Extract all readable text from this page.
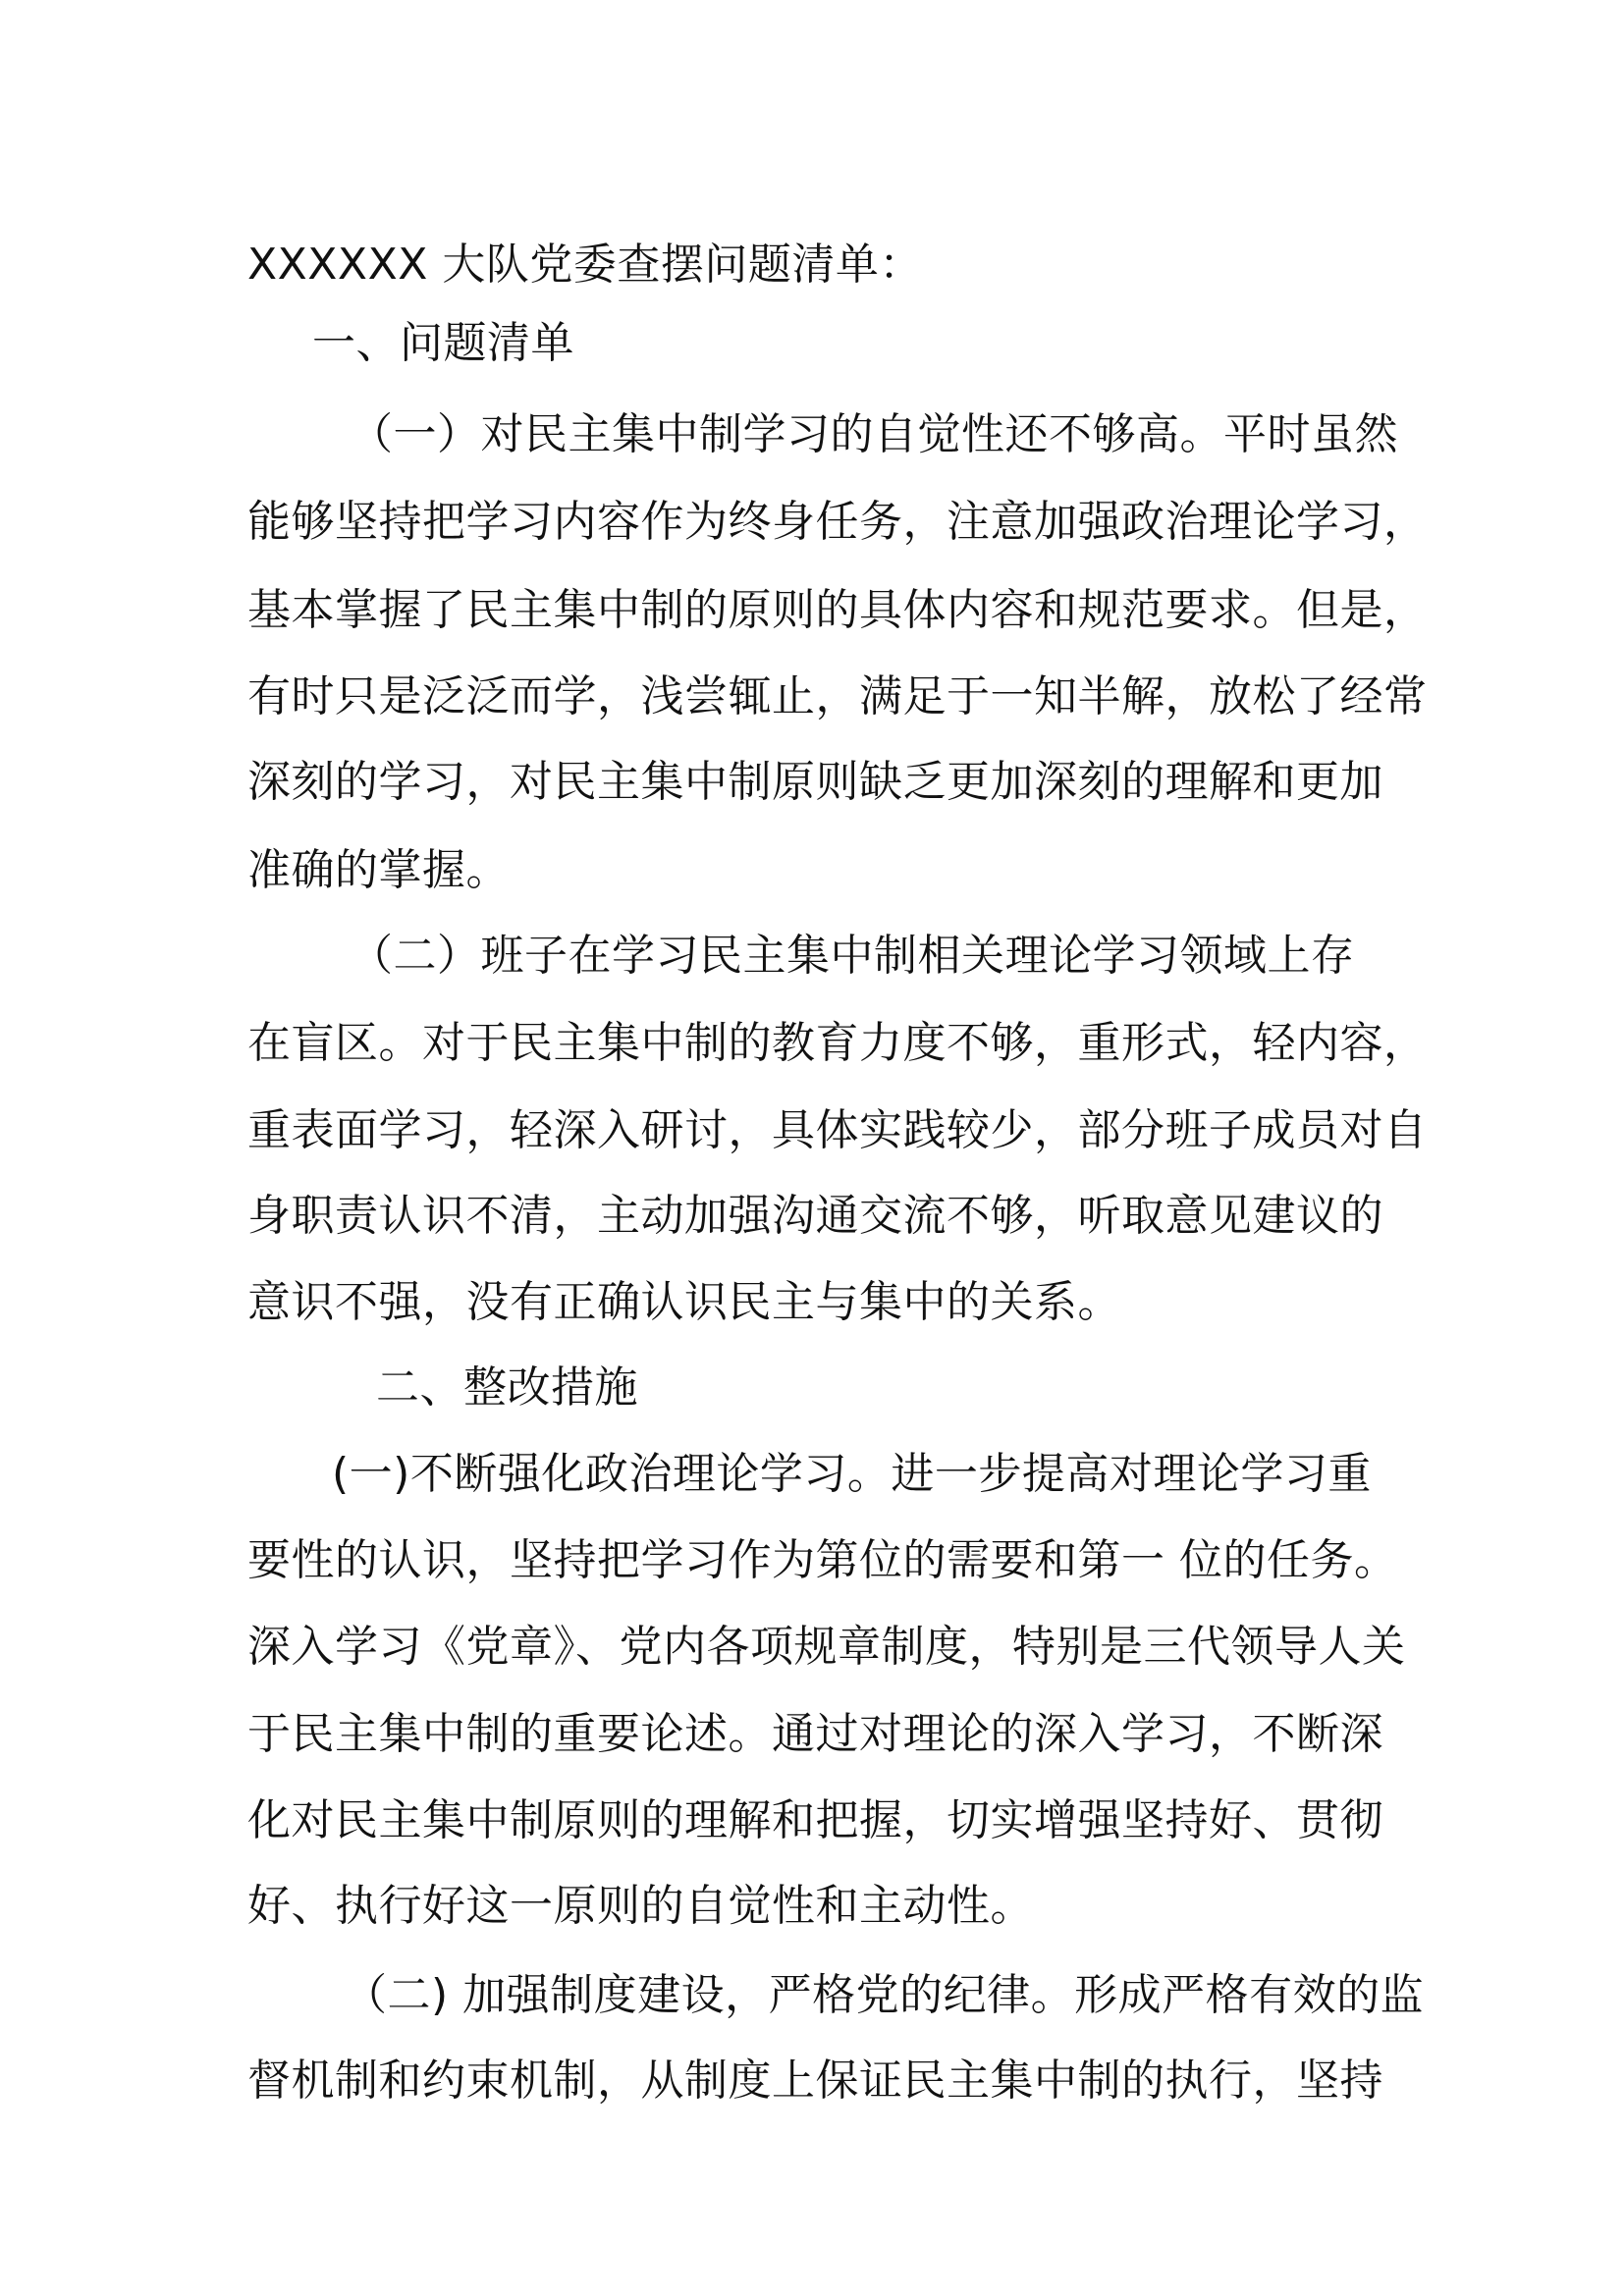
XXXXXX 大队党委查摆问题清单：
一、问题清单
（一）对民主集中制学习的自觉性还不够高。平时虽然
能够坚持把学习内容作为终身任务，注意加强政治理论学习，
基本掌握了民主集中制的原则的具体内容和规范要求。但是，
有时只是泛泛而学，浅尝辄止，满足于一知半解，放松了经常
深刻的学习，对民主集中制原则缺乏更加深刻的理解和更加
准确的掌握。
（二）班子在学习民主集中制相关理论学习领域上存
在盲区。对于民主集中制的教育力度不够，重形式，轻内容，
重表面学习，轻深入研讨，具体实践较少，部分班子成员对自
身职责认识不清，主动加强沟通交流不够，听取意见建议的
意识不强，没有正确认识民主与集中的关系。
二、整改措施
(一)不断强化政治理论学习。进一步提高对理论学习重
要性的认识，坚持把学习作为第位的需要和第一 位的任务。
深入学习《党章》、党内各项规章制度，特别是三代领导人关
于民主集中制的重要论述。通过对理论的深入学习，不断深
化对民主集中制原则的理解和把握，切实增强坚持好、贯彻
好、执行好这一原则的自觉性和主动性。
（二) 加强制度建设，严格党的纪律。形成严格有效的监
督机制和约束机制，从制度上保证民主集中制的执行，坚持
